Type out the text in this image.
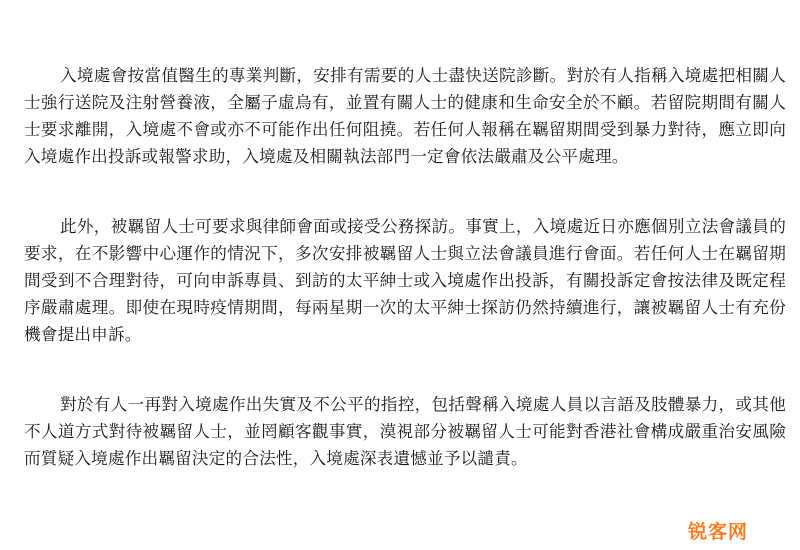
入境處會按當值醫生的專業判斷，安排有需要的人士盡快送院診斷。對於有人指稱入境處把相關人士強行送院及注射營養液，全屬子虛烏有，並置有關人士的健康和生命安全於不顧。若留院期間有關人士要求離開，入境處不會或亦不可能作出任何阻撓。若任何人報稱在羈留期間受到暴力對待，應立即向入境處作出投訴或報警求助，入境處及相關執法部門一定會依法嚴肅及公平處理。

此外，被羈留人士可要求與律師會面或接受公務探訪。事實上，入境處近日亦應個別立法會議員的要求，在不影響中心運作的情況下，多次安排被羈留人士與立法會議員進行會面。若任何人士在羈留期間受到不合理對待，可向申訴專員、到訪的太平紳士或入境處作出投訴，有關投訴定會按法律及既定程序嚴肅處理。即使在現時疫情期間，每兩星期一次的太平紳士探訪仍然持續進行，讓被羈留人士有充份機會提出申訴。

對於有人一再對入境處作出失實及不公平的指控，包括聲稱入境處人員以言語及肢體暴力，或其他不人道方式對待被羈留人士，並罔顧客觀事實，漠視部分被羈留人士可能對香港社會構成嚴重治安風險而質疑入境處作出羈留決定的合法性，入境處深表遺憾並予以譴責。

锐客网
